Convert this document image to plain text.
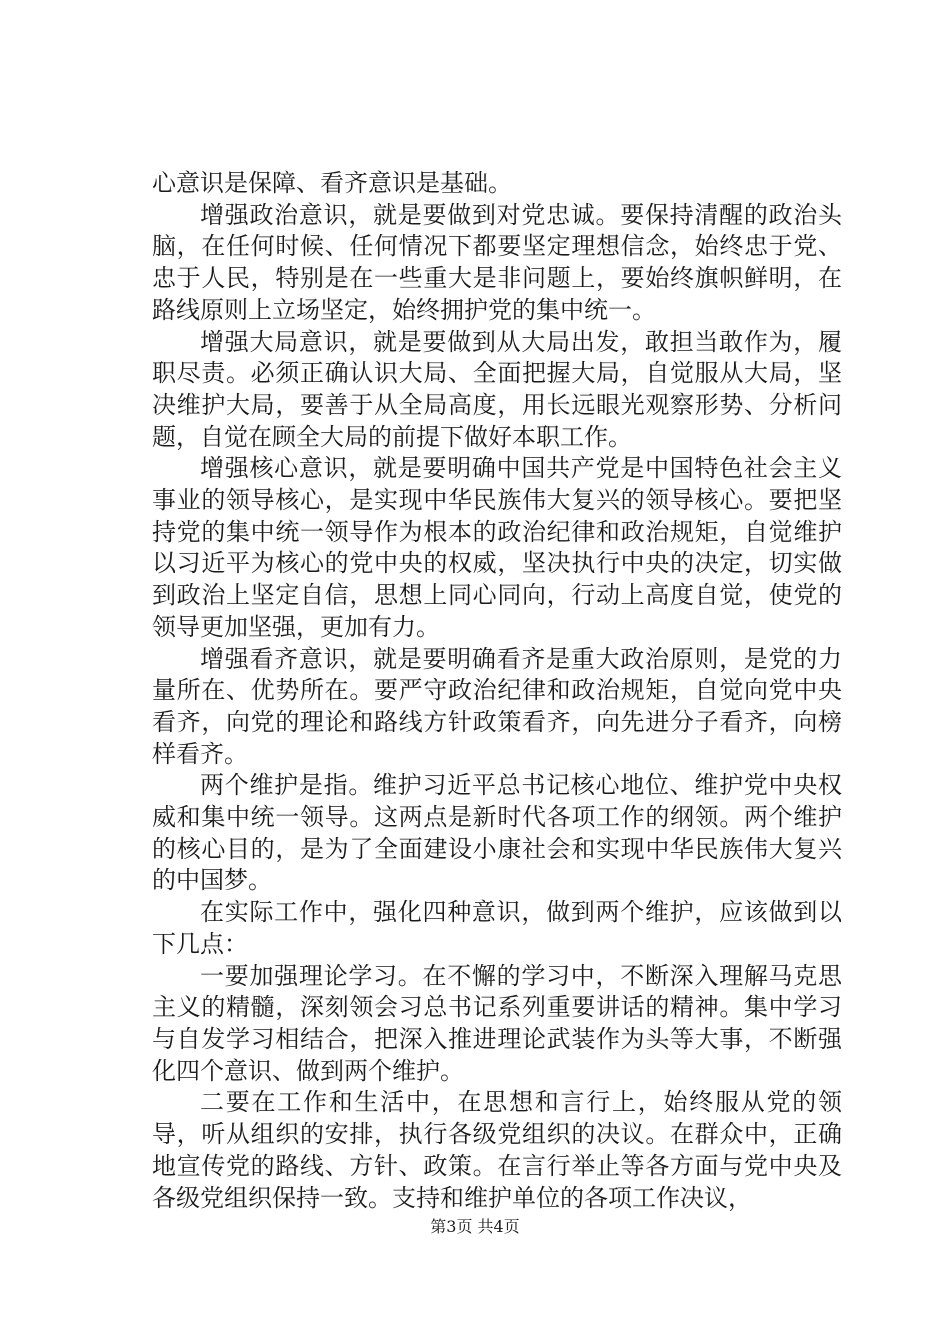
心意识是保障、看齐意识是基础。

增强政治意识，就是要做到对党忠诚。要保持清醒的政治头脑，在任何时候、任何情况下都要坚定理想信念，始终忠于党、忠于人民，特别是在一些重大是非问题上，要始终旗帜鲜明，在路线原则上立场坚定，始终拥护党的集中统一。

增强大局意识，就是要做到从大局出发，敢担当敢作为，履职尽责。必须正确认识大局、全面把握大局，自觉服从大局，坚决维护大局，要善于从全局高度，用长远眼光观察形势、分析问题，自觉在顾全大局的前提下做好本职工作。

增强核心意识，就是要明确中国共产党是中国特色社会主义事业的领导核心，是实现中华民族伟大复兴的领导核心。要把坚持党的集中统一领导作为根本的政治纪律和政治规矩，自觉维护以习近平为核心的党中央的权威，坚决执行中央的决定，切实做到政治上坚定自信，思想上同心同向，行动上高度自觉，使党的领导更加坚强，更加有力。

增强看齐意识，就是要明确看齐是重大政治原则，是党的力量所在、优势所在。要严守政治纪律和政治规矩，自觉向党中央看齐，向党的理论和路线方针政策看齐，向先进分子看齐，向榜样看齐。

两个维护是指。维护习近平总书记核心地位、维护党中央权威和集中统一领导。这两点是新时代各项工作的纲领。两个维护的核心目的，是为了全面建设小康社会和实现中华民族伟大复兴的中国梦。

在实际工作中，强化四种意识，做到两个维护，应该做到以下几点：

一要加强理论学习。在不懈的学习中，不断深入理解马克思主义的精髓，深刻领会习总书记系列重要讲话的精神。集中学习与自发学习相结合，把深入推进理论武装作为头等大事，不断强化四个意识、做到两个维护。

二要在工作和生活中，在思想和言行上，始终服从党的领导，听从组织的安排，执行各级党组织的决议。在群众中，正确地宣传党的路线、方针、政策。在言行举止等各方面与党中央及各级党组织保持一致。支持和维护单位的各项工作决议，

第3页 共4页
